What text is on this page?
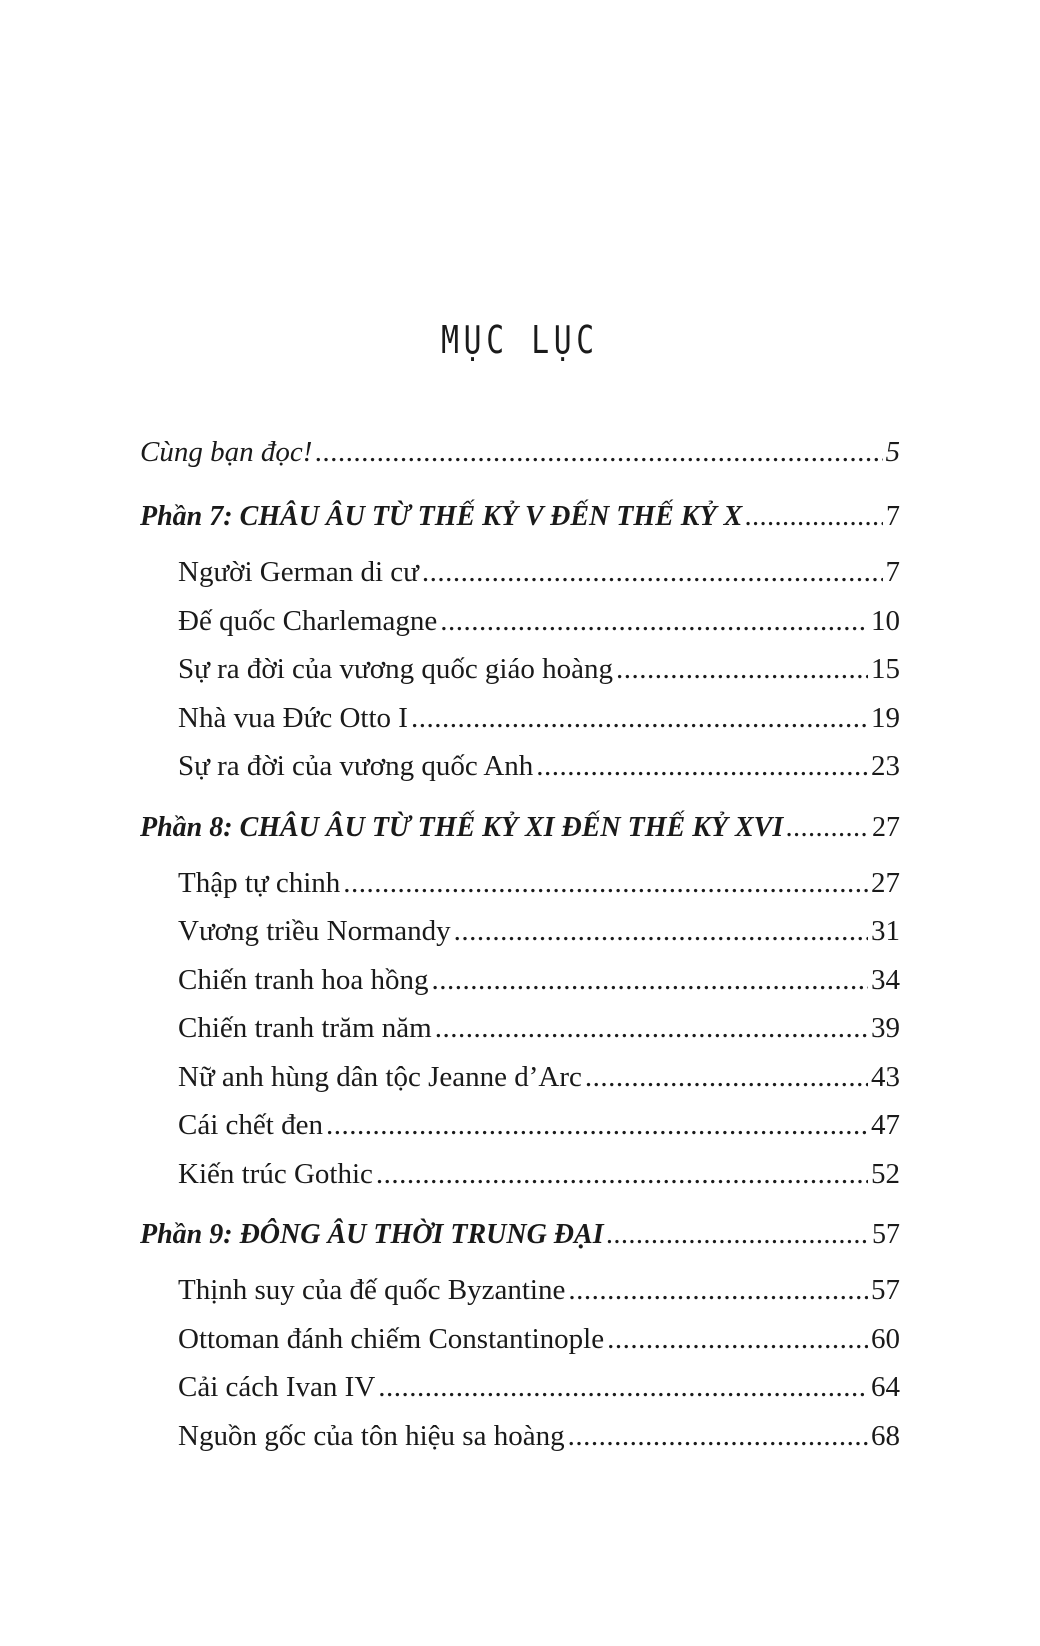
MỤC LỤC
Cùng bạn đọc! .....	5
Phần 7: CHÂU ÂU TỪ THẾ KỶ V ĐẾN THẾ KỶ X .....	7
Người German di cư .....	7
Đế quốc Charlemagne .....	10
Sự ra đời của vương quốc giáo hoàng .....	15
Nhà vua Đức Otto I .....	19
Sự ra đời của vương quốc Anh .....	23
Phần 8: CHÂU ÂU TỪ THẾ KỶ XI ĐẾN THẾ KỶ XVI .....	27
Thập tự chinh .....	27
Vương triều Normandy .....	31
Chiến tranh hoa hồng .....	34
Chiến tranh trăm năm .....	39
Nữ anh hùng dân tộc Jeanne d’Arc .....	43
Cái chết đen .....	47
Kiến trúc Gothic .....	52
Phần 9: ĐÔNG ÂU THỜI TRUNG ĐẠI .....	57
Thịnh suy của đế quốc Byzantine .....	57
Ottoman đánh chiếm Constantinople .....	60
Cải cách Ivan IV .....	64
Nguồn gốc của tôn hiệu sa hoàng .....	68
